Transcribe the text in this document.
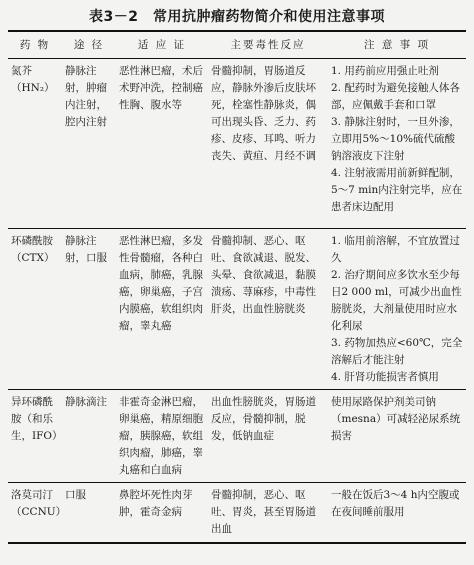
表3－2　常用抗肿瘤药物简介和使用注意事项
药 物	途 径	适 应 证	主要毒性反应	注 意 事 项
氮芥（HN₂）	静脉注射，肿瘤内注射，腔内注射	恶性淋巴瘤，术后术野冲洗，控制癌性胸、腹水等	骨髓抑制，胃肠道反应，静脉外渗后皮肤坏死，栓塞性静脉炎，偶可出现头昏、乏力、药疹、皮疹、耳鸣、听力丧失、黄疸、月经不调	1. 用药前应用强止吐剂
2. 配药时为避免接触人体各部，应佩戴手套和口罩
3. 静脉注射时，一旦外渗，立即用5%～10%硫代硫酸钠溶液皮下注射
4. 注射液需用前新鲜配制，5～7 min内注射完毕，应在患者床边配用

环磷酰胺（CTX）	静脉注射，口服	恶性淋巴瘤，多发性骨髓瘤，各种白血病，肺癌，乳腺癌，卵巢癌，子宫内膜癌，软组织肉瘤，睾丸癌	骨髓抑制、恶心、呕吐、食欲减退、脱发、头晕、食欲减退，黏膜溃疡、荨麻疹，中毒性肝炎，出血性膀胱炎	1. 临用前溶解，不宜放置过久
2. 治疗期间应多饮水至少每日2 000 ml，可减少出血性膀胱炎，大剂量使用时应水化利尿
3. 药物加热应<60℃，完全溶解后才能注射
4. 肝肾功能损害者慎用

异环磷酰胺（和乐生，IFO）	静脉滴注	非霍奇金淋巴瘤，卵巢癌，精原细胞瘤，胰腺癌，软组织肉瘤，肺癌，睾丸癌和白血病	出血性膀胱炎，胃肠道反应，骨髓抑制，脱发，低钠血症	使用尿路保护剂美司钠（mesna）可减轻泌尿系统损害

洛莫司汀（CCNU）	口服	鼻腔坏死性肉芽肿，霍奇金病	骨髓抑制，恶心、呕吐、胃炎，甚至胃肠道出血	一般在饭后3～4 h内空腹或在夜间睡前服用
